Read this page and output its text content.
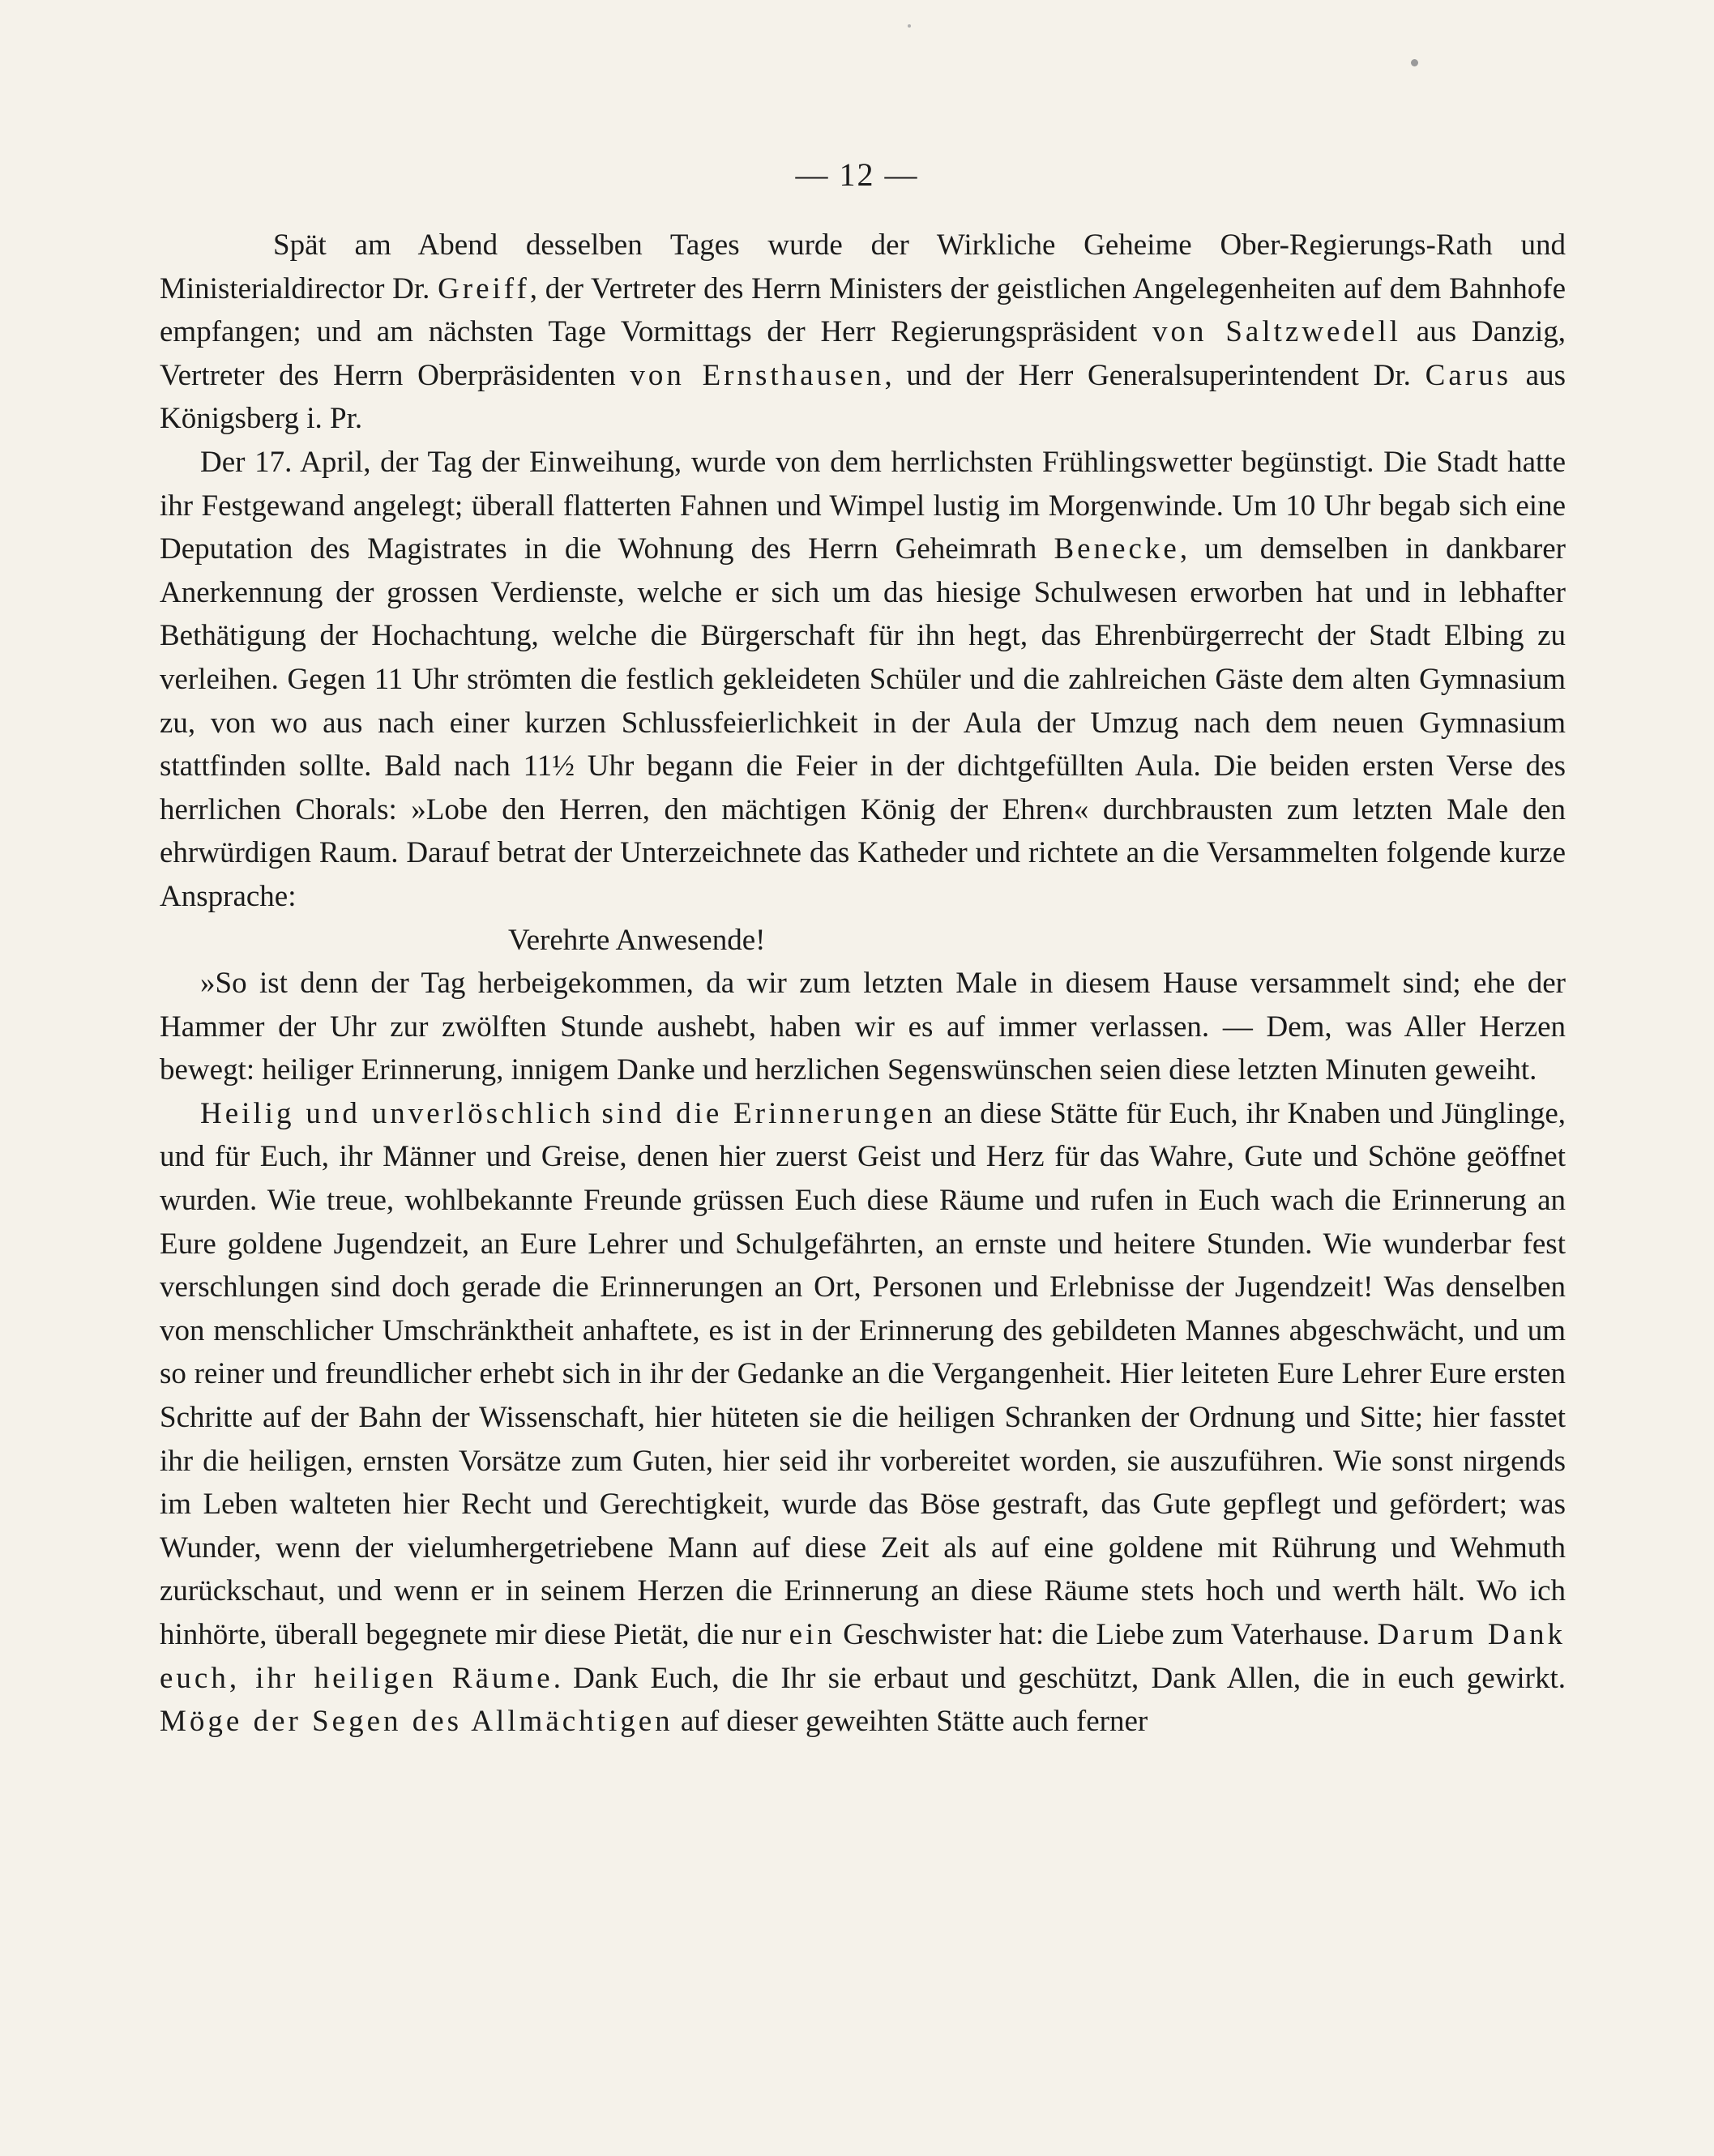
— 12 —

Spät am Abend desselben Tages wurde der Wirkliche Geheime Ober-Regierungs-Rath und Ministerialdirector Dr. Greiff, der Vertreter des Herrn Ministers der geistlichen Angelegenheiten auf dem Bahnhofe empfangen; und am nächsten Tage Vormittags der Herr Regierungspräsident von Saltzwedell aus Danzig, Vertreter des Herrn Oberpräsidenten von Ernsthausen, und der Herr Generalsuperintendent Dr. Carus aus Königsberg i. Pr.

Der 17. April, der Tag der Einweihung, wurde von dem herrlichsten Frühlingswetter begünstigt. Die Stadt hatte ihr Festgewand angelegt; überall flatterten Fahnen und Wimpel lustig im Morgenwinde. Um 10 Uhr begab sich eine Deputation des Magistrates in die Wohnung des Herrn Geheimrath Benecke, um demselben in dankbarer Anerkennung der grossen Verdienste, welche er sich um das hiesige Schulwesen erworben hat und in lebhafter Bethätigung der Hochachtung, welche die Bürgerschaft für ihn hegt, das Ehrenbürgerrecht der Stadt Elbing zu verleihen. Gegen 11 Uhr strömten die festlich gekleideten Schüler und die zahlreichen Gäste dem alten Gymnasium zu, von wo aus nach einer kurzen Schlussfeierlichkeit in der Aula der Umzug nach dem neuen Gymnasium stattfinden sollte. Bald nach 11½ Uhr begann die Feier in der dichtgefüllten Aula. Die beiden ersten Verse des herrlichen Chorals: »Lobe den Herren, den mächtigen König der Ehren« durchbrausten zum letzten Male den ehrwürdigen Raum. Darauf betrat der Unterzeichnete das Katheder und richtete an die Versammelten folgende kurze Ansprache:

Verehrte Anwesende!

»So ist denn der Tag herbeigekommen, da wir zum letzten Male in diesem Hause versammelt sind; ehe der Hammer der Uhr zur zwölften Stunde aushebt, haben wir es auf immer verlassen. — Dem, was Aller Herzen bewegt: heiliger Erinnerung, innigem Danke und herzlichen Segenswünschen seien diese letzten Minuten geweiht.

Heilig und unverlöschlich sind die Erinnerungen an diese Stätte für Euch, ihr Knaben und Jünglinge, und für Euch, ihr Männer und Greise, denen hier zuerst Geist und Herz für das Wahre, Gute und Schöne geöffnet wurden. Wie treue, wohlbekannte Freunde grüssen Euch diese Räume und rufen in Euch wach die Erinnerung an Eure goldene Jugendzeit, an Eure Lehrer und Schulgefährten, an ernste und heitere Stunden. Wie wunderbar fest verschlungen sind doch gerade die Erinnerungen an Ort, Personen und Erlebnisse der Jugendzeit! Was denselben von menschlicher Umschränktheit anhaftete, es ist in der Erinnerung des gebildeten Mannes abgeschwächt, und um so reiner und freundlicher erhebt sich in ihr der Gedanke an die Vergangenheit. Hier leiteten Eure Lehrer Eure ersten Schritte auf der Bahn der Wissenschaft, hier hüteten sie die heiligen Schranken der Ordnung und Sitte; hier fasstet ihr die heiligen, ernsten Vorsätze zum Guten, hier seid ihr vorbereitet worden, sie auszuführen. Wie sonst nirgends im Leben walteten hier Recht und Gerechtigkeit, wurde das Böse gestraft, das Gute gepflegt und gefördert; was Wunder, wenn der vielumhergetriebene Mann auf diese Zeit als auf eine goldene mit Rührung und Wehmuth zurückschaut, und wenn er in seinem Herzen die Erinnerung an diese Räume stets hoch und werth hält. Wo ich hinhörte, überall begegnete mir diese Pietät, die nur ein Geschwister hat: die Liebe zum Vaterhause. Darum Dank euch, ihr heiligen Räume. Dank Euch, die Ihr sie erbaut und geschützt, Dank Allen, die in euch gewirkt. Möge der Segen des Allmächtigen auf dieser geweihten Stätte auch ferner
